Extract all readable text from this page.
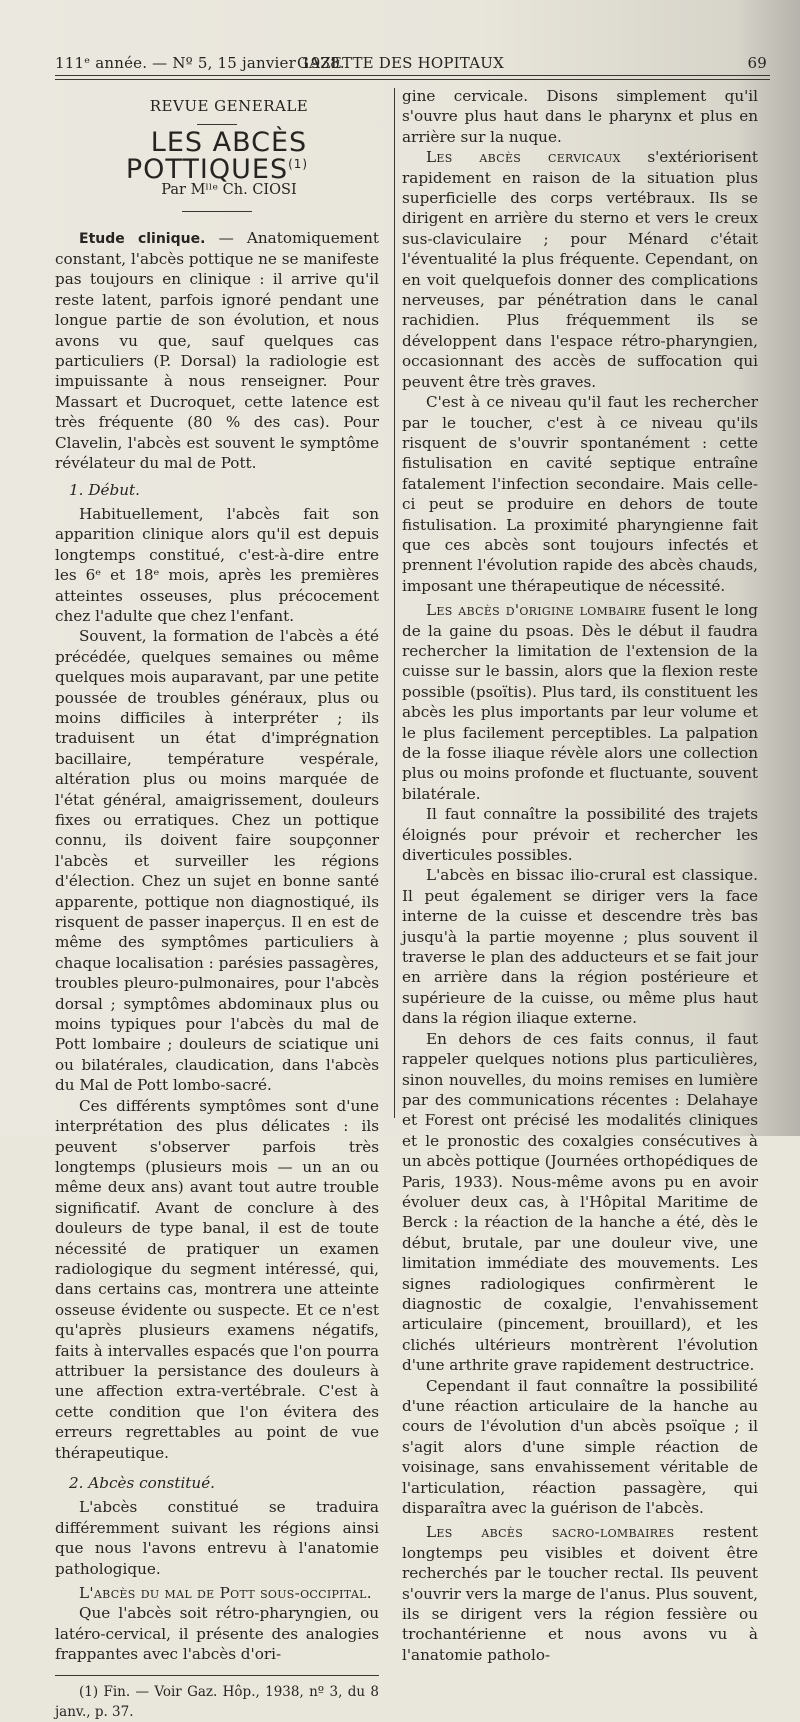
111ᵉ année. — Nº 5, 15 janvier 1938.
GAZETTE DES HOPITAUX	69

REVUE GENERALE

LES ABCÈS POTTIQUES$^{(1)}$

Par Mˡˡᵉ Ch. CIOSI

Etude clinique. — Anatomiquement constant, l'abcès pottique ne se manifeste pas toujours en clinique : il arrive qu'il reste latent, parfois ignoré pendant une longue partie de son évolution, et nous avons vu que, sauf quelques cas particuliers (P. Dorsal) la radiologie est impuissante à nous renseigner. Pour Massart et Ducroquet, cette latence est très fréquente (80 % des cas). Pour Clavelin, l'abcès est souvent le symptôme révélateur du mal de Pott.

1. Début.

Habituellement, l'abcès fait son apparition clinique alors qu'il est depuis longtemps constitué, c'est-à-dire entre les 6ᵉ et 18ᵉ mois, après les premières atteintes osseuses, plus précocement chez l'adulte que chez l'enfant.

Souvent, la formation de l'abcès a été précédée, quelques semaines ou même quelques mois auparavant, par une petite poussée de troubles généraux, plus ou moins difficiles à interpréter ; ils traduisent un état d'imprégnation bacillaire, température vespérale, altération plus ou moins marquée de l'état général, amaigrissement, douleurs fixes ou erratiques. Chez un pottique connu, ils doivent faire soupçonner l'abcès et surveiller les régions d'élection. Chez un sujet en bonne santé apparente, pottique non diagnostiqué, ils risquent de passer inaperçus. Il en est de même des symptômes particuliers à chaque localisation : parésies passagères, troubles pleuro-pulmonaires, pour l'abcès dorsal ; symptômes abdominaux plus ou moins typiques pour l'abcès du mal de Pott lombaire ; douleurs de sciatique uni ou bilatérales, claudication, dans l'abcès du Mal de Pott lombo-sacré.

Ces différents symptômes sont d'une interprétation des plus délicates : ils peuvent s'observer parfois très longtemps (plusieurs mois — un an ou même deux ans) avant tout autre trouble significatif. Avant de conclure à des douleurs de type banal, il est de toute nécessité de pratiquer un examen radiologique du segment intéressé, qui, dans certains cas, montrera une atteinte osseuse évidente ou suspecte. Et ce n'est qu'après plusieurs examens négatifs, faits à intervalles espacés que l'on pourra attribuer la persistance des douleurs à une affection extra-vertébrale. C'est à cette condition que l'on évitera des erreurs regrettables au point de vue thérapeutique.

2. Abcès constitué.

L'abcès constitué se traduira différemment suivant les régions ainsi que nous l'avons entrevu à l'anatomie pathologique.

L'abcès du mal de Pott sous-occipital.

Que l'abcès soit rétro-pharyngien, ou latéro-cervical, il présente des analogies frappantes avec l'abcès d'ori-

(1) Fin. — Voir Gaz. Hôp., 1938, nº 3, du 8 janv., p. 37.

gine cervicale. Disons simplement qu'il s'ouvre plus haut dans le pharynx et plus en arrière sur la nuque.

Les abcès cervicaux s'extériorisent rapidement en raison de la situation plus superficielle des corps vertébraux. Ils se dirigent en arrière du sterno et vers le creux sus-claviculaire ; pour Ménard c'était l'éventualité la plus fréquente. Cependant, on en voit quelquefois donner des complications nerveuses, par pénétration dans le canal rachidien. Plus fréquemment ils se développent dans l'espace rétro-pharyngien, occasionnant des accès de suffocation qui peuvent être très graves.

C'est à ce niveau qu'il faut les rechercher par le toucher, c'est à ce niveau qu'ils risquent de s'ouvrir spontanément : cette fistulisation en cavité septique entraîne fatalement l'infection secondaire. Mais celle-ci peut se produire en dehors de toute fistulisation. La proximité pharyngienne fait que ces abcès sont toujours infectés et prennent l'évolution rapide des abcès chauds, imposant une thérapeutique de nécessité.

Les abcès d'origine lombaire fusent le long de la gaine du psoas. Dès le début il faudra rechercher la limitation de l'extension de la cuisse sur le bassin, alors que la flexion reste possible (psoïtis). Plus tard, ils constituent les abcès les plus importants par leur volume et le plus facilement perceptibles. La palpation de la fosse iliaque révèle alors une collection plus ou moins profonde et fluctuante, souvent bilatérale.

Il faut connaître la possibilité des trajets éloignés pour prévoir et rechercher les diverticules possibles.

L'abcès en bissac ilio-crural est classique. Il peut également se diriger vers la face interne de la cuisse et descendre très bas jusqu'à la partie moyenne ; plus souvent il traverse le plan des adducteurs et se fait jour en arrière dans la région postérieure et supérieure de la cuisse, ou même plus haut dans la région iliaque externe.

En dehors de ces faits connus, il faut rappeler quelques notions plus particulières, sinon nouvelles, du moins remises en lumière par des communications récentes : Delahaye et Forest ont précisé les modalités cliniques et le pronostic des coxalgies consécutives à un abcès pottique (Journées orthopédiques de Paris, 1933). Nous-même avons pu en avoir évoluer deux cas, à l'Hôpital Maritime de Berck : la réaction de la hanche a été, dès le début, brutale, par une douleur vive, une limitation immédiate des mouvements. Les signes radiologiques confirmèrent le diagnostic de coxalgie, l'envahissement articulaire (pincement, brouillard), et les clichés ultérieurs montrèrent l'évolution d'une arthrite grave rapidement destructrice.

Cependant il faut connaître la possibilité d'une réaction articulaire de la hanche au cours de l'évolution d'un abcès psoïque ; il s'agit alors d'une simple réaction de voisinage, sans envahissement véritable de l'articulation, réaction passagère, qui disparaîtra avec la guérison de l'abcès.

Les abcès sacro-lombaires restent longtemps peu visibles et doivent être recherchés par le toucher rectal. Ils peuvent s'ouvrir vers la marge de l'anus. Plus souvent, ils se dirigent vers la région fessière ou trochantérienne et nous avons vu à l'anatomie patholo-
